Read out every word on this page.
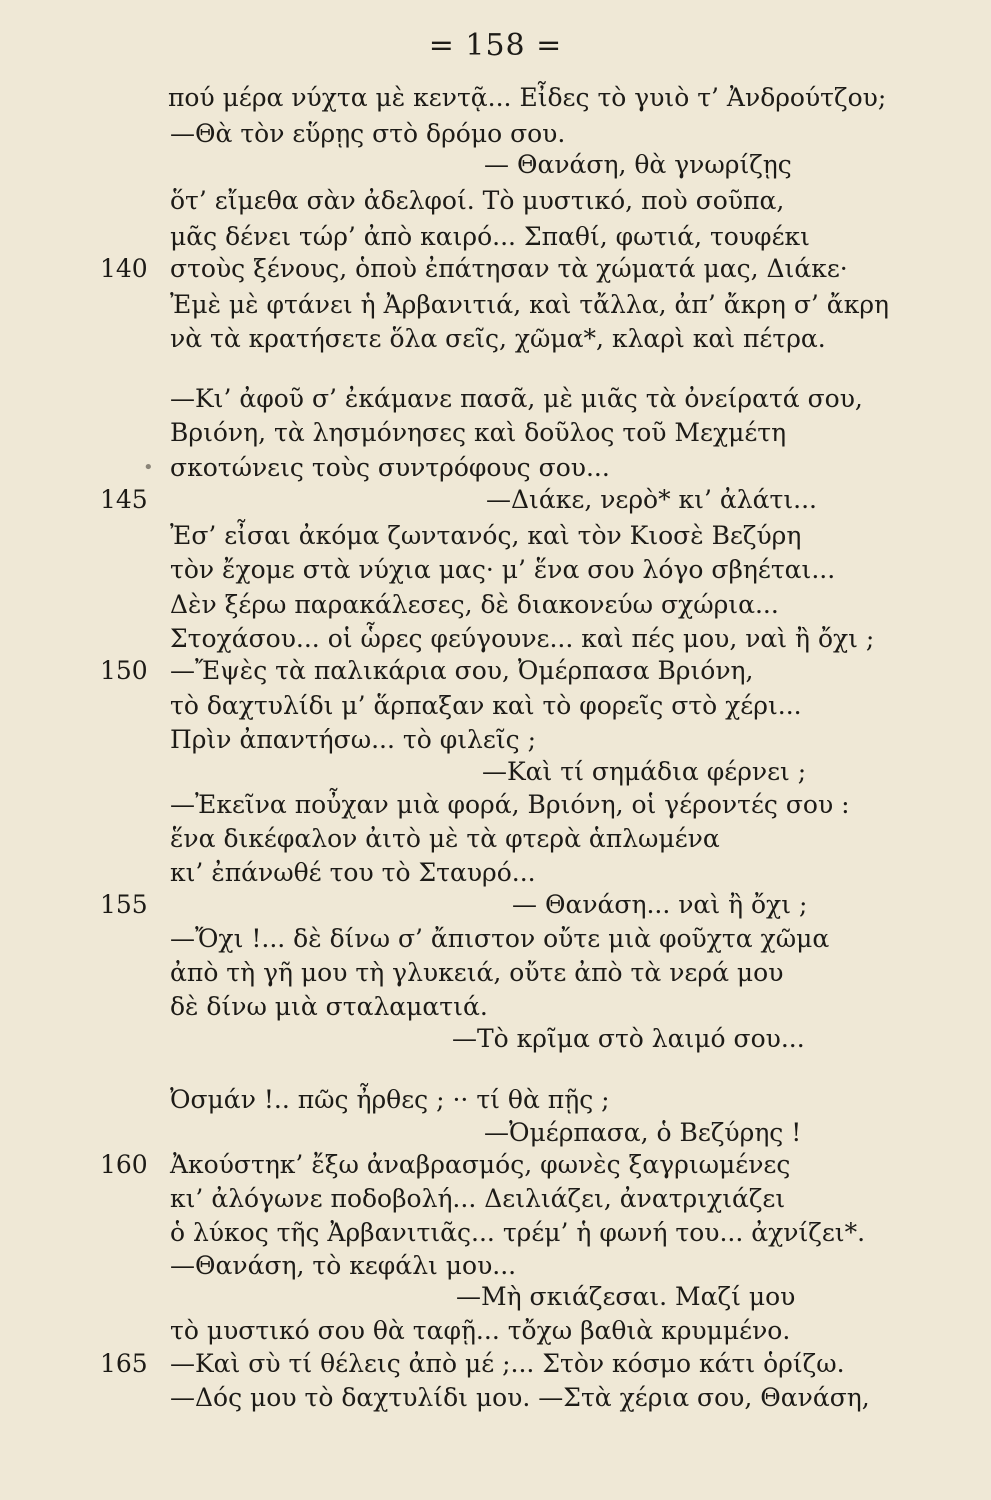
= 158 =
•
πού μέρα νύχτα μὲ κεντᾷ... Εἶδες τὸ γυιὸ τ’ Ἀνδρούτζου;
—Θὰ τὸν εὕρῃς στὸ δρόμο σου.
— Θανάση, θὰ γνωρίζῃς
ὅτ’ εἴμεθα σὰν ἀδελφοί. Τὸ μυστικό, ποὺ σοῦπα,
μᾶς δένει τώρ’ ἀπὸ καιρό... Σπαθί, φωτιά, τουφέκι
140 στοὺς ξένους, ὁποὺ ἐπάτησαν τὰ χώματά μας, Διάκε·
Ἐμὲ μὲ φτάνει ἡ Ἀρβανιτιά, καὶ τἄλλα, ἀπ’ ἄκρη σ’ ἄκρη
νὰ τὰ κρατήσετε ὅλα σεῖς, χῶμα*, κλαρὶ καὶ πέτρα.
—Κι’ ἀφοῦ σ’ ἐκάμανε πασᾶ, μὲ μιᾶς τὰ ὀνείρατά σου,
Βριόνη, τὰ λησμόνησες καὶ δοῦλος τοῦ Μεχμέτη
σκοτώνεις τοὺς συντρόφους σου...
145	—Διάκε, νερὸ* κι’ ἀλάτι...
Ἐσ’ εἶσαι ἀκόμα ζωντανός, καὶ τὸν Κιοσὲ Βεζύρη
τὸν ἔχομε στὰ νύχια μας· μ’ ἕνα σου λόγο σβηέται...
Δὲν ξέρω παρακάλεσες, δὲ διακονεύω σχώρια...
Στοχάσου... οἱ ὧρες φεύγουνε... καὶ πές μου, ναὶ ἢ ὄχι ;
150 —Ἔψὲς τὰ παλικάρια σου, Ὀμέρπασα Βριόνη,
τὸ δαχτυλίδι μ’ ἅρπαξαν καὶ τὸ φορεῖς στὸ χέρι...
Πρὶν ἀπαντήσω... τὸ φιλεῖς ;
—Καὶ τί σημάδια φέρνει ;
—Ἐκεῖνα ποὖχαν μιὰ φορά, Βριόνη, οἱ γέροντές σου :
ἕνα δικέφαλον ἀιτὸ μὲ τὰ φτερὰ ἁπλωμένα
κι’ ἐπάνωθέ του τὸ Σταυρό...
155	— Θανάση... ναὶ ἢ ὄχι ;
—Ὄχι !... δὲ δίνω σ’ ἄπιστον οὔτε μιὰ φοῦχτα χῶμα
ἀπὸ τὴ γῆ μου τὴ γλυκειά, οὔτε ἀπὸ τὰ νερά μου
δὲ δίνω μιὰ σταλαματιά.
—Τὸ κρῖμα στὸ λαιμό σου...
Ὀσμάν !.. πῶς ἦρθες ; ·· τί θὰ πῇς ;
—Ὀμέρπασα, ὁ Βεζύρης !
160 Ἀκούστηκ’ ἔξω ἀναβρασμός, φωνὲς ξαγριωμένες
κι’ ἀλόγωνε ποδοβολή... Δειλιάζει, ἀνατριχιάζει
ὁ λύκος τῆς Ἀρβανιτιᾶς... τρέμ’ ἡ φωνή του... ἀχνίζει*.
—Θανάση, τὸ κεφάλι μου...
—Μὴ σκιάζεσαι. Μαζί μου
τὸ μυστικό σου θὰ ταφῇ... τὄχω βαθιὰ κρυμμένο.
165 —Καὶ σὺ τί θέλεις ἀπὸ μέ ;... Στὸν κόσμο κάτι ὁρίζω.
—Δός μου τὸ δαχτυλίδι μου. —Στὰ χέρια σου, Θανάση,
